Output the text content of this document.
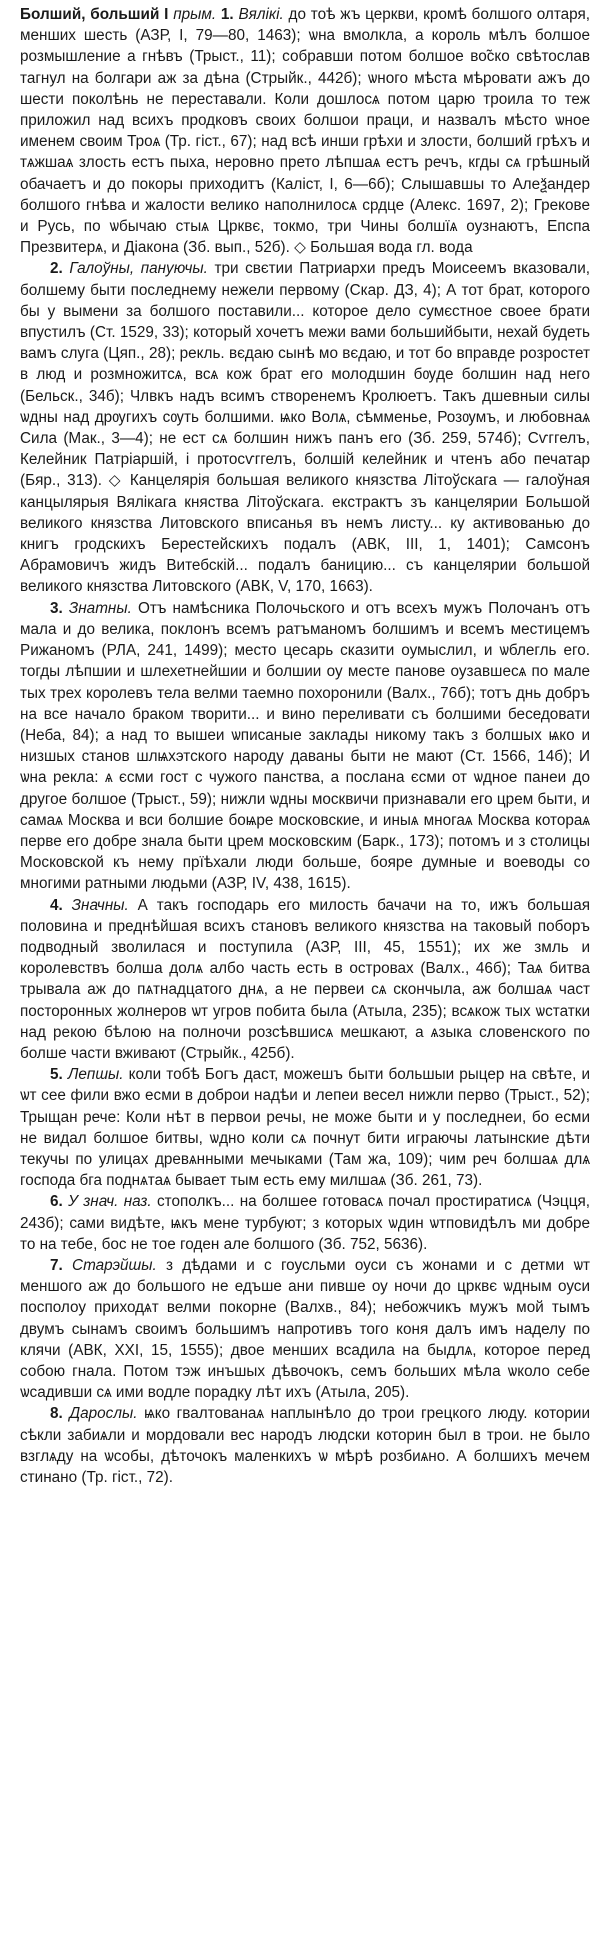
Болший, больший I прым. 1. Вялікі. до тоѣ жъ церкви, кромѣ болшого олтаря, менших шесть (АЗР, I, 79—80, 1463); ѡна вмолкла, а король мѣлъ болшое розмышление а гнѣвъ (Трыст., 11); собравши потом болшое во̃ско свѣтослав тагнул на болгари аж за дѣна (Стрыйк., 442б); ѡного мѣста мѣровати ажъ до шести поколѣнь не переставали. Коли дошлосѧ потом царю троила то теж приложил над всихъ продковъ своих болшои праци, и назвалъ мѣсто ѡное именем своим Троѧ (Тр. гіст., 67); над всѣ инши грѣхи и злости, болший грѣхъ и тѧжшаѧ злость естъ пыха, неровно прето лѣпшаѧ естъ речъ, кгды сѧ грѣшный обачаетъ и до покоры приходитъ (Калiст, I, 6—6б); Слышавшы то Алеѯандер болшого гнѣва и жалости велико наполнилосѧ срдце (Алекс. 1697, 2); Грекове и Русь, по ѡбычаю стыѧ Црквє, токмо, три Чины болшїѧ оузнаютъ, Епспа Презвитерѧ, и Діакона (Зб. вып., 52б). ◇ Большая вода гл. вода

2. Галоўны, пануючы. три свєтии Патриархи предъ Моисеемъ вказовали, болшему быти последнему нежели первому (Скар. ДЗ, 4); А тот брат, которого бы у вымени за болшого поставили... которое дело сумєстное своее брати впустилъ (Ст. 1529, 33); который хочетъ межи вами большийбыти, нехай будеть вамъ слуга (Цяп., 28); рекль. вєдаю сынѣ мо вєдаю, и тот бо вправде розростет в люд и розмножитсѧ, всѧ кож брат его молодшин бѹде болшин над него (Бельск., 34б); Члвкъ надъ всимъ створенемъ Кролюетъ. Такъ дшевныи силы ѡдны над дрѹгихъ сѹть болшими. ѩко Волѧ, сѣмменье, Розѹмъ, и любовнаѧ Сила (Мак., 3—4); не ест сѧ болшин нижъ панъ его (Зб. 259, 574б); Сѵггелъ, Келейник Патріаршій, і протосѵггелъ, болшій келейник и чтенъ або печатар (Бяр., 313). ◇ Канцелярія большая великого князства Літоўскага — галоўная канцылярыя Вялікага княства Літоўскага. екстрактъ зъ канцелярии Большой великого князства Литовского вписанья въ немъ листу... ку активованью до книгъ гродскихъ Берестейскихъ подалъ (АВК, III, 1, 1401); Самсонъ Абрамовичъ жидъ Витебскій... подалъ баницию... съ канцелярии большой великого князства Литовского (АВК, V, 170, 1663).

3. Знатны. Отъ намѣсника Полочьского и отъ всехъ мужъ Полочанъ отъ мала и до велика, поклонъ всемъ ратъманомъ болшимъ и всемъ местицемъ Рижаномъ (РЛА, 241, 1499); место цесарь сказити оумыслил, и ѡблегль его. тогды лѣпшии и шлехетнейшии и болшии оу месте панове оузавшесѧ по мале тых трех королевъ тела велми таемно похоронили (Валх., 76б); тотъ днь добръ на все начало браком творити... и вино переливати съ болшими беседовати (Неба, 84); а над то вышеи ѡписаные заклады никому такъ з болшых ѩко и низшых станов шлѩхэтского народу даваны быти не мают (Ст. 1566, 14б); И ѡна рекла: ѧ єсми гост с чужого панства, а послана єсми от ѡдное панеи до другое болшое (Трыст., 59); нижли ѡдны москвичи признавали его црем быти, и самаѧ Москва и вси болшие боѩре московские, и иныѧ многаѧ Москва котораѧ перве его добре знала быти црем московским (Барк., 173); потомъ и з столицы Московской къ нему прїѣхали люди больше, бояре думные и воеводы со многими ратными людьми (АЗР, IV, 438, 1615).

4. Значны. А такъ господарь его милость бачачи на то, ижъ большая половина и преднѣйшая всихъ становъ великого князства на таковый поборъ подводный зволилася и поступила (АЗР, III, 45, 1551); их же змль и королевствъ болша долѧ албо часть есть в островах (Валх., 46б); Таѧ битва трывала аж до пѧтнадцатого днѧ, а не первеи сѧ скончыла, аж болшаѧ част посторонных жолнеров ѡт угров побита была (Атыла, 235); всѧкож тых ѡстатки над рекою бѣлою на полночи розсѣвшисѧ мешкают, а ѧзыка словенского по болше части вживают (Стрыйк., 425б).

5. Лепшы. коли тобѣ Богъ даст, можешъ быти большыи рыцер на свѣте, и ѡт сее фили вжо есми в доброи надѣи и лепеи весел нижли перво (Трыст., 52); Трыщан рече: Коли нѣт в первои речы, не може быти и у последнеи, бо есми не видал болшое битвы, ѡдно коли сѧ почнут бити играючы латынские дѣти текучы по улицах древѧнными мечыками (Там жа, 109); чим реч болшаѧ длѧ господа бга поднѧтаѧ бывает тым есть ему милшаѧ (Зб. 261, 73).

6. У знач. наз. стополкъ... на болшее готовасѧ почал простиратисѧ (Чэцця, 243б); сами видѣте, ѩкъ мене турбуют; з которых ѡдин ѡтповидѣлъ ми добре то на тебе, бос не тое годен але болшого (Зб. 752, 5636).

7. Старэйшы. з дѣдами и с гоусльми оуси съ жонами и с детми ѡт меншого аж до большого не едъше ани пивше оу ночи до црквє ѡдным оуси посполоу приходѧт велми покорне (Валхв., 84); небожчикъ мужъ мой тымъ двумъ сынамъ своимъ большимъ напротивъ того коня далъ имъ наделу по клячи (АВК, XXI, 15, 1555); двое менших всадила на быдлѧ, которое перед собою гнала. Потом тэж инъшых дѣвочокъ, семъ больших мѣла ѡколо себе ѡсадивши сѧ ими водле порадку лѣт ихъ (Атыла, 205).

8. Дарослы. ѩко гвалтованаѧ наплынѣло до трои грецкого люду. котории сѣкли забиѧли и мордовали вес народъ людски которин был в трои. не было взглѧду на ѡсобы, дѣточокъ маленкихъ ѡ мѣрѣ розбиѧно. А болшихъ мечем стинано (Тр. гіст., 72).
